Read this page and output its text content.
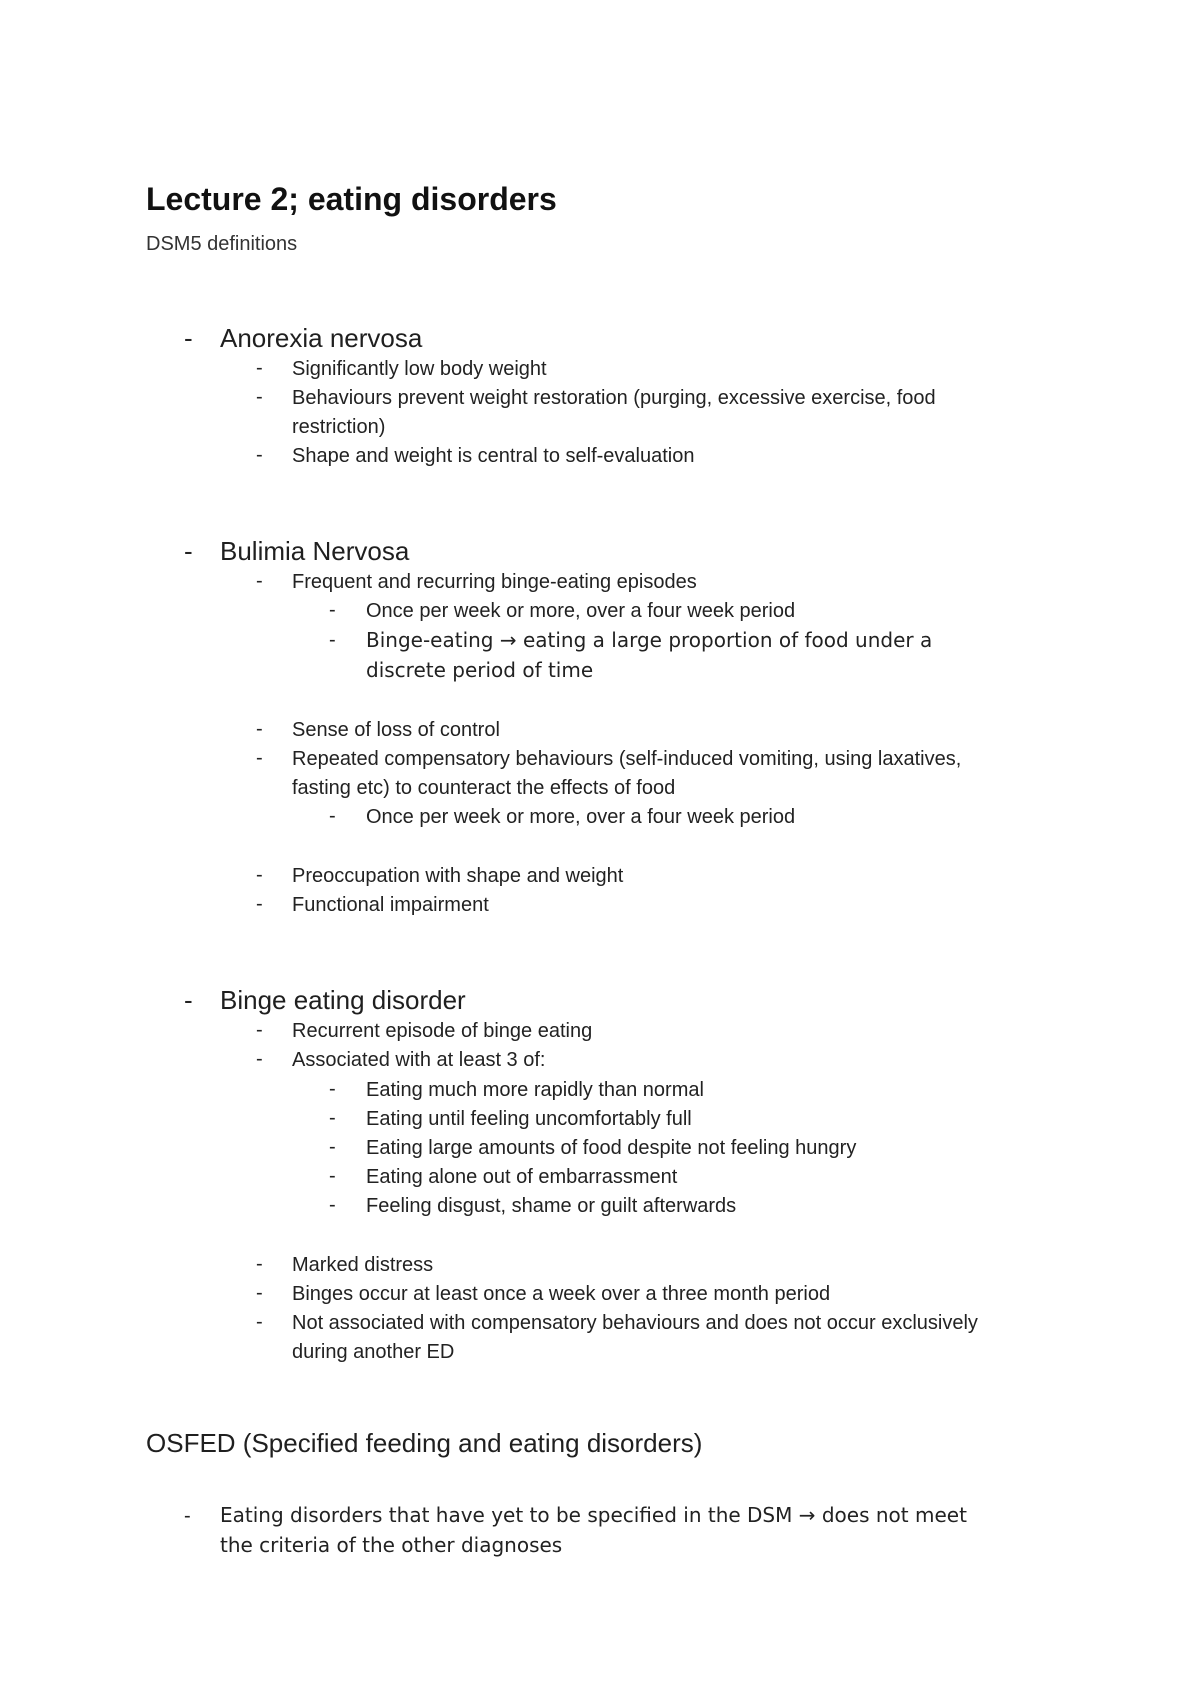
Lecture 2; eating disorders
DSM5 definitions
- Anorexia nervosa
- Significantly low body weight
- Behaviours prevent weight restoration (purging, excessive exercise, food
restriction)
- Shape and weight is central to self-evaluation
- Bulimia Nervosa
- Frequent and recurring binge-eating episodes
- Once per week or more, over a four week period
- Binge-eating → eating a large proportion of food under a
discrete period of time
- Sense of loss of control
- Repeated compensatory behaviours (self-induced vomiting, using laxatives,
fasting etc) to counteract the effects of food
- Once per week or more, over a four week period
- Preoccupation with shape and weight
- Functional impairment
- Binge eating disorder
- Recurrent episode of binge eating
- Associated with at least 3 of:
- Eating much more rapidly than normal
- Eating until feeling uncomfortably full
- Eating large amounts of food despite not feeling hungry
- Eating alone out of embarrassment
- Feeling disgust, shame or guilt afterwards
- Marked distress
- Binges occur at least once a week over a three month period
- Not associated with compensatory behaviours and does not occur exclusively
during another ED
OSFED (Specified feeding and eating disorders)
- Eating disorders that have yet to be specified in the DSM → does not meet
the criteria of the other diagnoses
